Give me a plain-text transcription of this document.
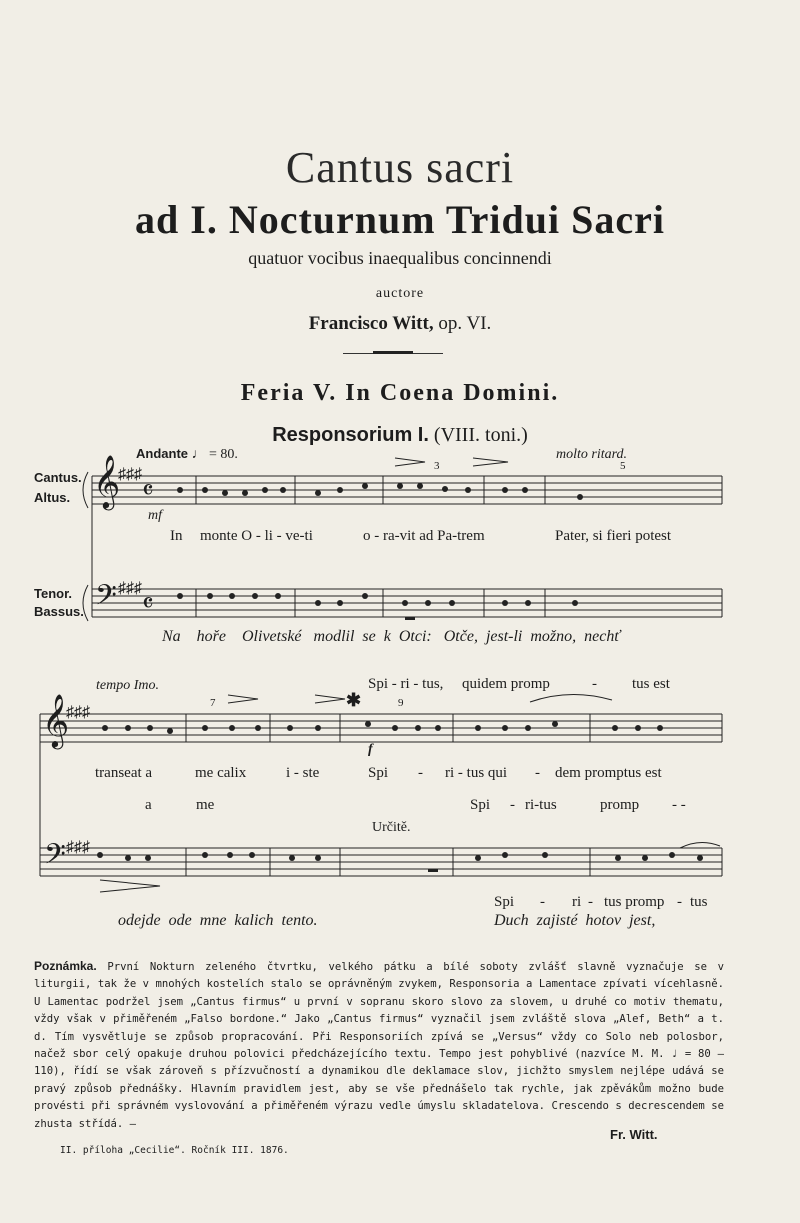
Cantus sacri
ad I. Nocturnum Tridui Sacri
quatuor vocibus inaequalibus concinnendi
auctore
Francisco Witt, op. VI.
Feria V. In Coena Domini.
Responsorium I. (VIII. toni.)
𝄞
𝄢
𝄞
𝄢
♯♯♯
♯♯♯
♯♯♯
♯♯♯
𝄴
𝄴
Andante ♩ = 80.
Cantus.
Altus.
Tenor.
Bassus.
mf
3	5
molto ritard.
In monte O - li - ve-ti	o - ra-vit ad Pa-trem	Pater, si fieri potest
Na hoře Olivetské modlil se k Otci: Otče, jest-li možno, nechť
tempo Imo.
7	9
✱
f
Spi - ri - tus, quidem promp	- tus est
transeat a	me calix	i - ste	Spi - ri - tus qui - dem promptus est
a	me	Spi - ri-tus	promp - -
Určitě.
Spi - ri - tus promp - tus
odejde ode mne kalich tento.	Duch zajisté hotov jest,
Poznámka. První Nokturn zeleného čtvrtku, velkého pátku a bílé soboty zvlášť slavně vyznačuje se v liturgii, tak že v mnohých kostelích stalo se oprávněným zvykem, Responsoria a Lamentace zpívati vícehlasně. U Lamentac podržel jsem „Cantus firmus“ u první v sopranu skoro slovo za slovem, u druhé co motiv thematu, vždy však v přiměřeném „Falso bordone.“ Jako „Cantus firmus“ vyznačil jsem zvláště slova „Alef, Beth“ a t. d. Tím vysvětluje se způsob propracování. Při Responsoriích zpívá se „Versus“ vždy co Solo neb polosbor, načež sbor celý opakuje druhou polovici předcházejícího textu. Tempo jest pohyblivé (nazvíce M. M. ♩ = 80 — 110), řídí se však zároveň s přízvučností a dynamikou dle deklamace slov, jichžto smyslem nejlépe udává se pravý způsob přednášky. Hlavním pravidlem jest, aby se vše přednášelo tak rychle, jak zpěvákům možno bude provésti při správném vyslovování a přiměřeném výrazu vedle úmyslu skladatelova. Crescendo s decrescendem se zhusta střídá. —
Fr. Witt.
II. příloha „Cecilie“. Ročník III. 1876.
